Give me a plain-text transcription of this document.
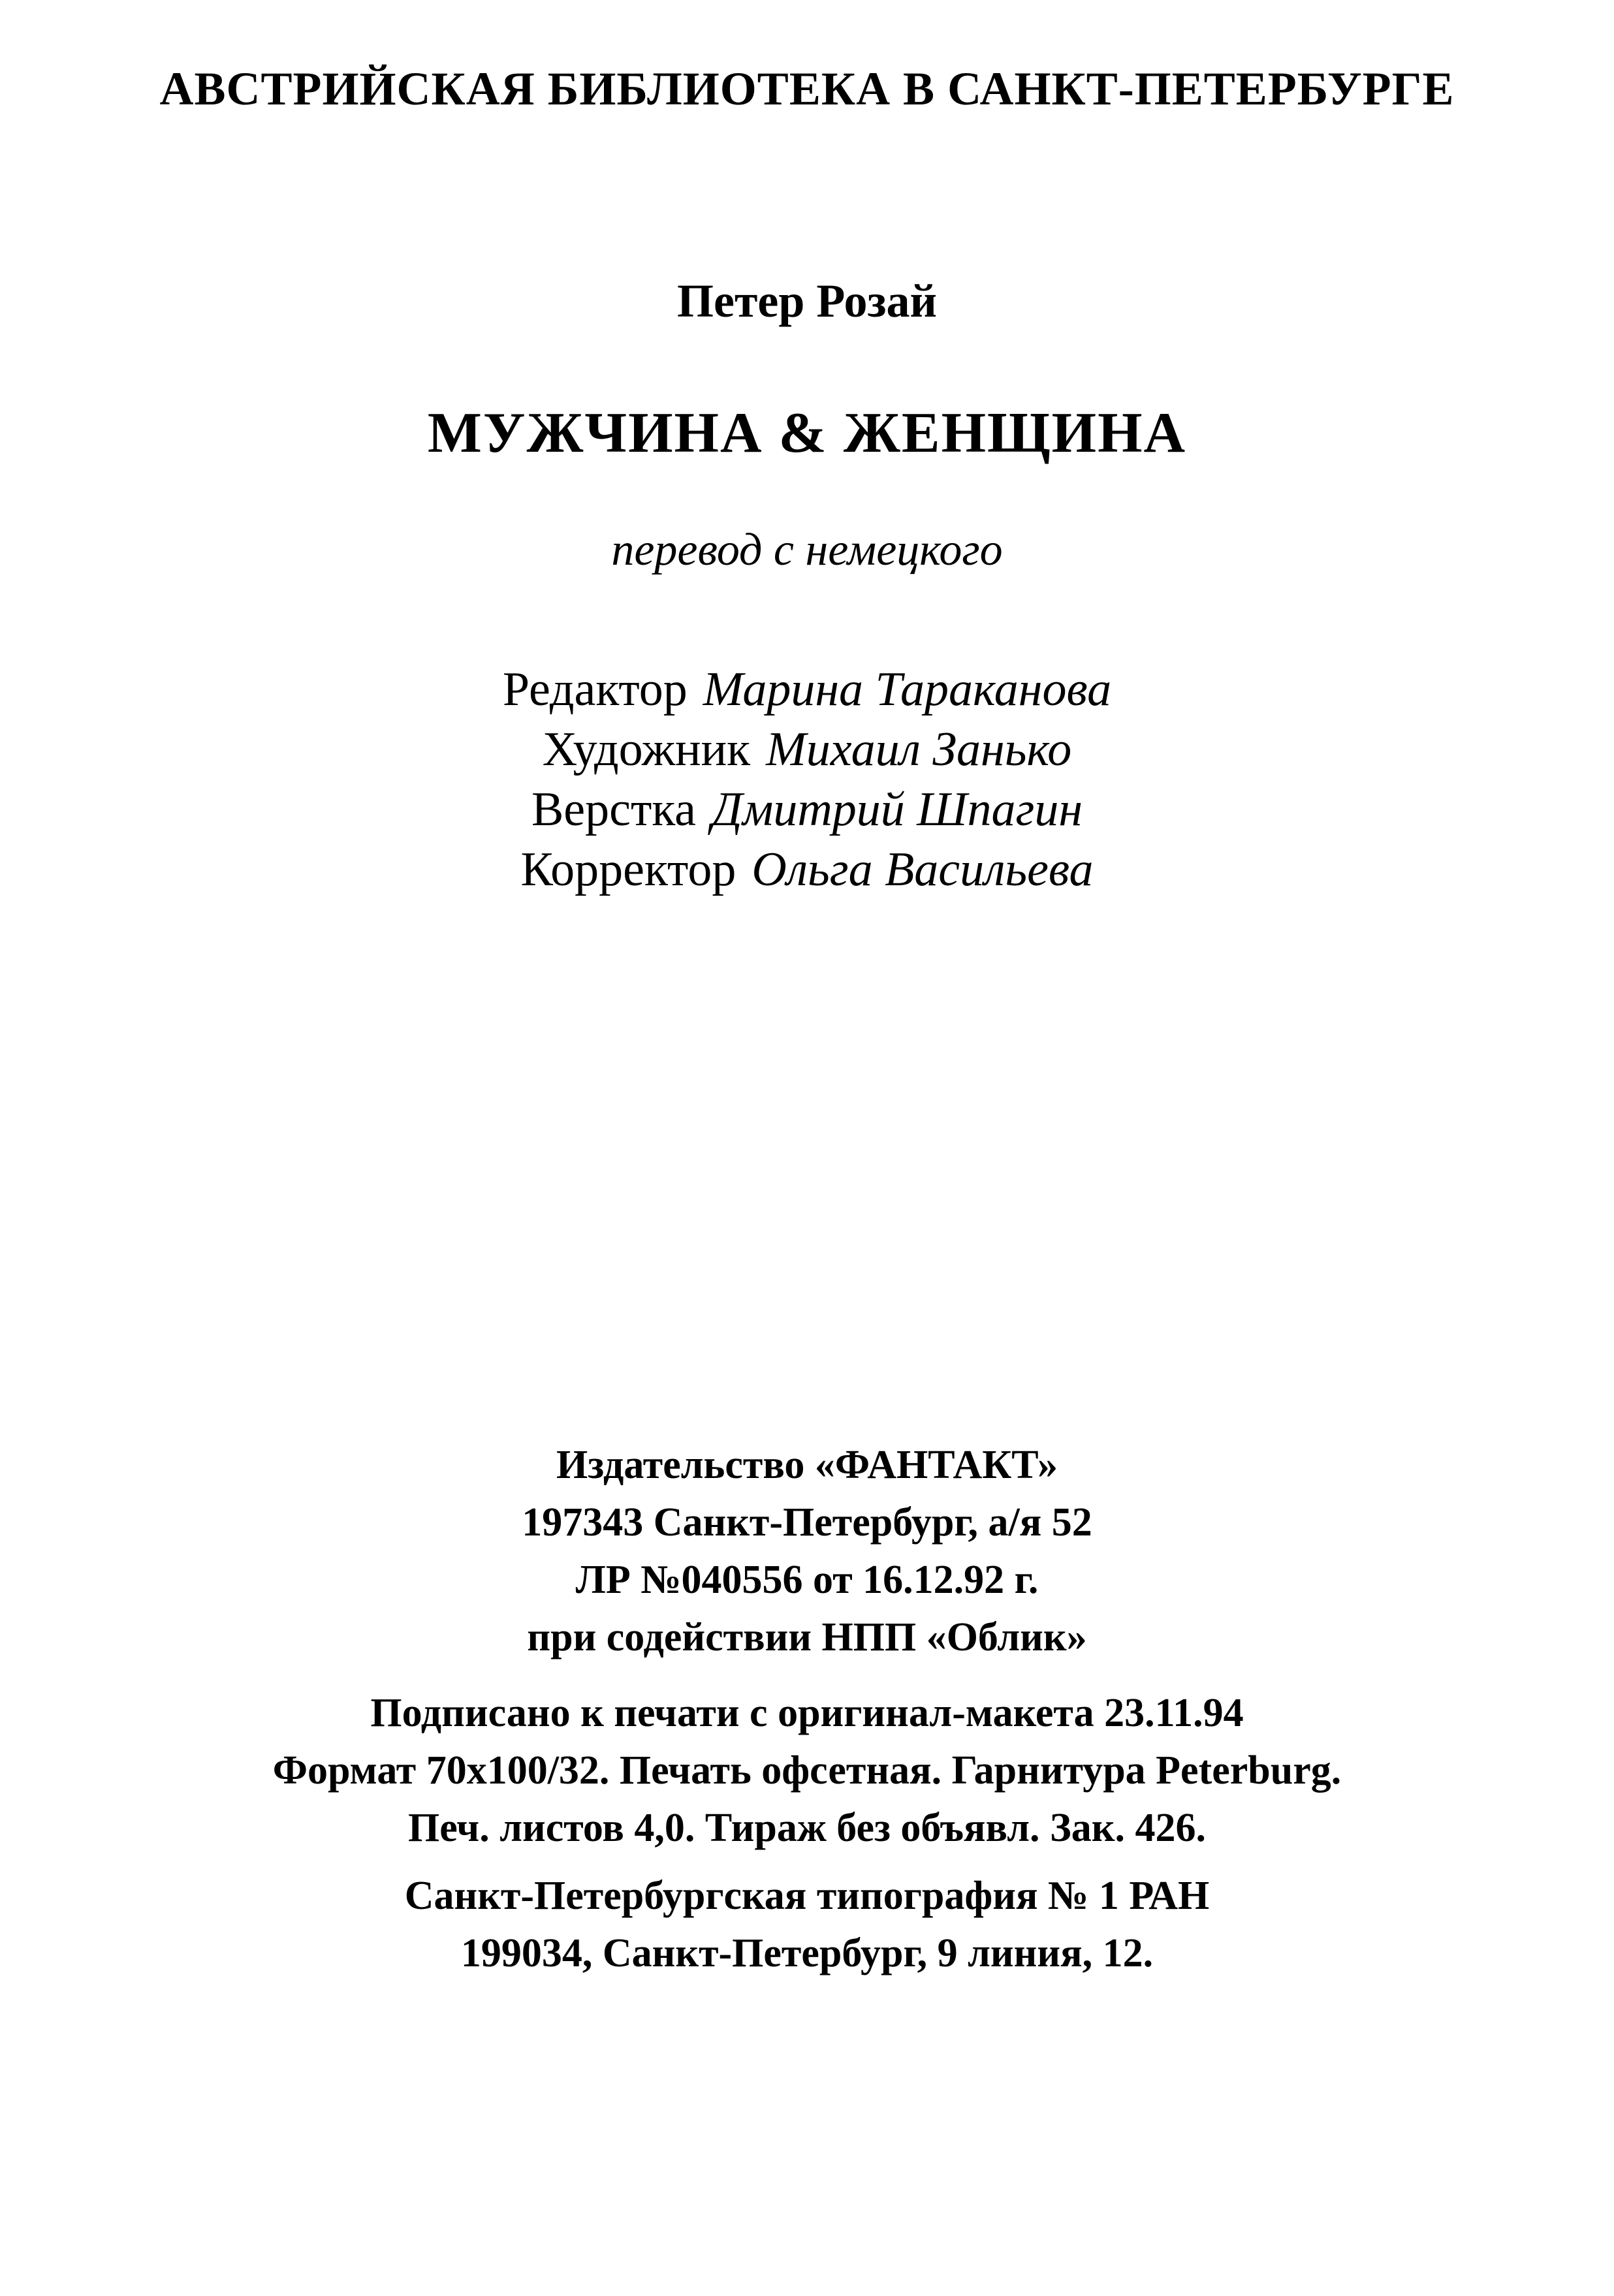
АВСТРИЙСКАЯ БИБЛИОТЕКА В САНКТ-ПЕТЕРБУРГЕ
Петер Розай
МУЖЧИНА & ЖЕНЩИНА
перевод с немецкого
Редактор Марина Тараканова
Художник Михаил Занько
Верстка Дмитрий Шпагин
Корректор Ольга Васильева
Издательство «ФАНТАКТ»
197343 Санкт-Петербург, а/я 52
ЛР №040556 от 16.12.92 г.
при содействии НПП «Облик»
Подписано к печати с оригинал-макета 23.11.94
Формат 70x100/32. Печать офсетная. Гарнитура Peterburg.
Печ. листов 4,0. Тираж без объявл. Зак. 426.
Санкт-Петербургская типография № 1 РАН
199034, Санкт-Петербург, 9 линия, 12.
